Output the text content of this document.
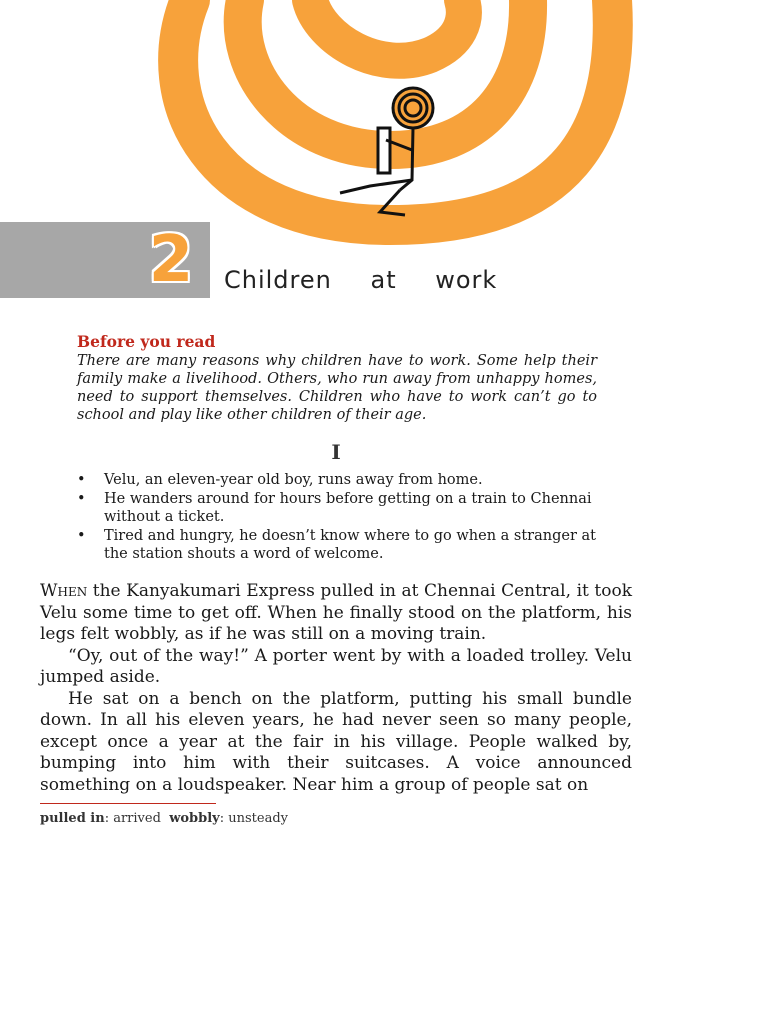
2	Children at work
Before you read
There are many reasons why children have to work. Some help their family make a livelihood. Others, who run away from unhappy homes, need to support themselves. Children who have to work can’t go to school and play like other children of their age.
I
• Velu, an eleven-year old boy, runs away from home.
• He wanders around for hours before getting on a train to Chennai without a ticket.
• Tired and hungry, he doesn’t know where to go when a stranger at the station shouts a word of welcome.

When the Kanyakumari Express pulled in at Chennai Central, it took Velu some time to get off. When he finally stood on the platform, his legs felt wobbly, as if he was still on a moving train.

“Oy, out of the way!” A porter went by with a loaded trolley. Velu jumped aside.

He sat on a bench on the platform, putting his small bundle down. In all his eleven years, he had never seen so many people, except once a year at the fair in his village. People walked by, bumping into him with their suitcases. A voice announced something on a loudspeaker. Near him a group of people sat on

pulled in: arrived wobbly: unsteady
